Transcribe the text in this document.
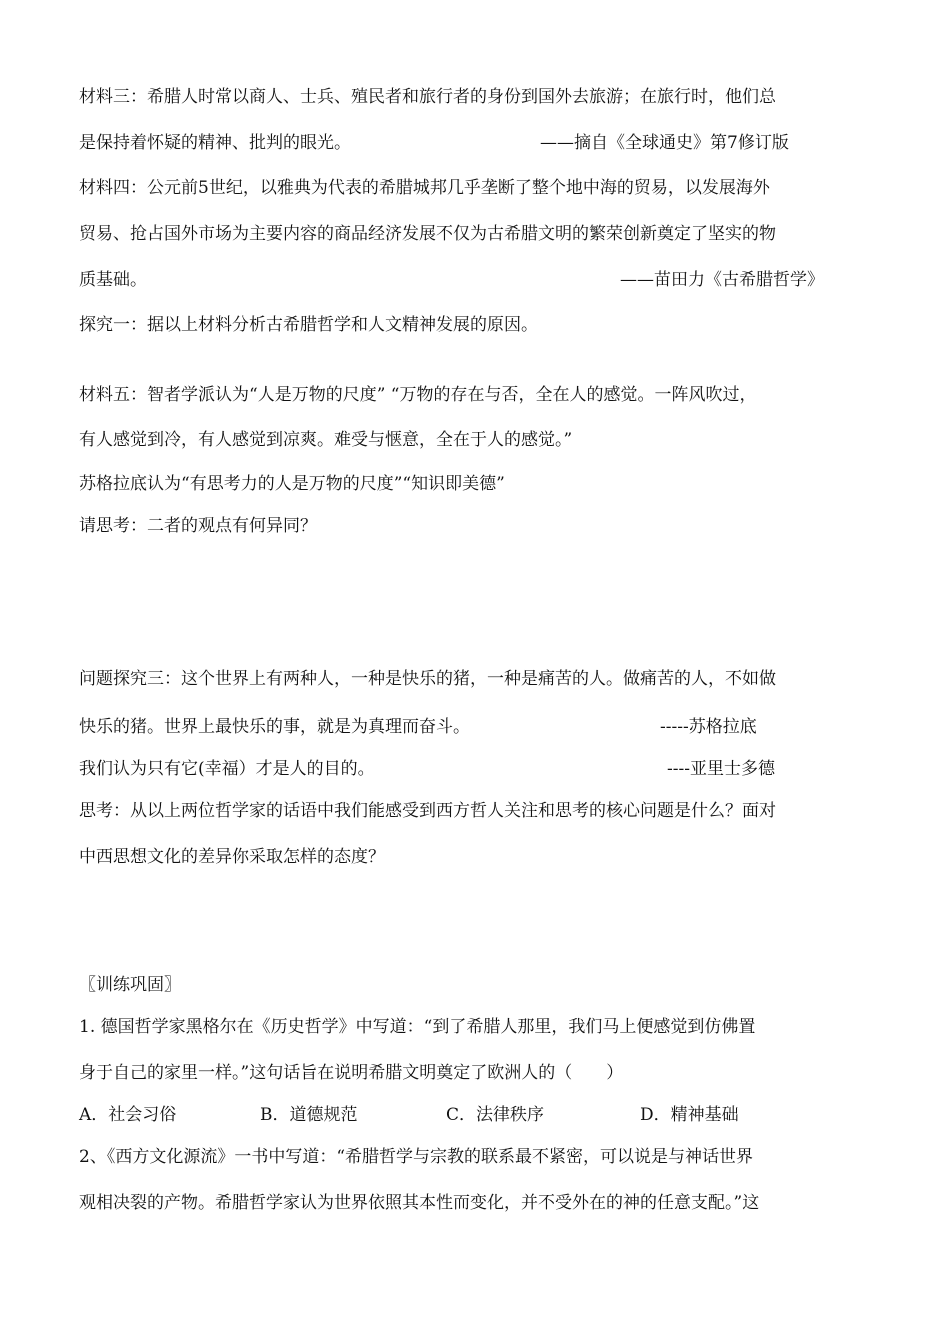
材料三：希腊人时常以商人、士兵、殖民者和旅行者的身份到国外去旅游；在旅行时，他们总
是保持着怀疑的精神、批判的眼光。	——摘自《全球通史》第7修订版
材料四：公元前5世纪，以雅典为代表的希腊城邦几乎垄断了整个地中海的贸易，以发展海外
贸易、抢占国外市场为主要内容的商品经济发展不仅为古希腊文明的繁荣创新奠定了坚实的物
质基础。	——苗田力《古希腊哲学》
探究一：据以上材料分析古希腊哲学和人文精神发展的原因。
材料五：智者学派认为“人是万物的尺度” “万物的存在与否，全在人的感觉。一阵风吹过，
有人感觉到冷，有人感觉到凉爽。难受与惬意，全在于人的感觉。”
苏格拉底认为“有思考力的人是万物的尺度”“知识即美德”
请思考：二者的观点有何异同？
问题探究三：这个世界上有两种人，一种是快乐的猪，一种是痛苦的人。做痛苦的人，不如做
快乐的猪。世界上最快乐的事，就是为真理而奋斗。	-----苏格拉底
我们认为只有它(幸福）才是人的目的。	----亚里士多德
思考：从以上两位哲学家的话语中我们能感受到西方哲人关注和思考的核心问题是什么？面对
中西思想文化的差异你采取怎样的态度？
〖训练巩固〗
1. 德国哲学家黑格尔在《历史哲学》中写道：“到了希腊人那里，我们马上便感觉到仿佛置
身于自己的家里一样。”这句话旨在说明希腊文明奠定了欧洲人的（　　）
A．社会习俗	B．道德规范	C．法律秩序	D．精神基础
2、《西方文化源流》一书中写道：“希腊哲学与宗教的联系最不紧密，可以说是与神话世界
观相决裂的产物。希腊哲学家认为世界依照其本性而变化，并不受外在的神的任意支配。”这
